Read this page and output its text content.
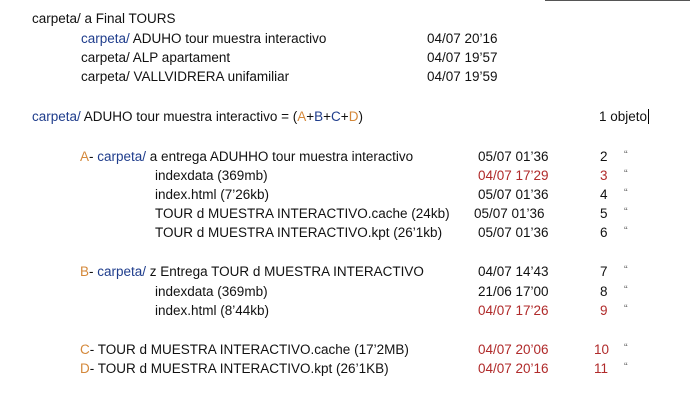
carpeta/ a Final TOURS
carpeta/ ADUHO tour muestra interactivo	04/07 20’16
carpeta/ ALP apartament	04/07 19’57
carpeta/ VALLVIDRERA unifamiliar	04/07 19’59
carpeta/ ADUHO tour muestra interactivo = (A+B+C+D)	1 objeto
A- carpeta/ a entrega ADUHHO tour muestra interactivo	05/07 01’36	2 “
indexdata (369mb)	04/07 17’29	3 “
index.html (7’26kb)	05/07 01’36	4 “
TOUR d MUESTRA INTERACTIVO.cache (24kb) 05/07 01’36	5 “
TOUR d MUESTRA INTERACTIVO.kpt (26’1kb)	05/07 01’36	6 “
B- carpeta/ z Entrega TOUR d MUESTRA INTERACTIVO	04/07 14’43	7 “
indexdata (369mb)	21/06 17’00	8 “
index.html (8’44kb)	04/07 17’26	9 “
C- TOUR d MUESTRA INTERACTIVO.cache (17’2MB)	04/07 20’06	10 “
D- TOUR d MUESTRA INTERACTIVO.kpt (26’1KB)	04/07 20’16	11 “
